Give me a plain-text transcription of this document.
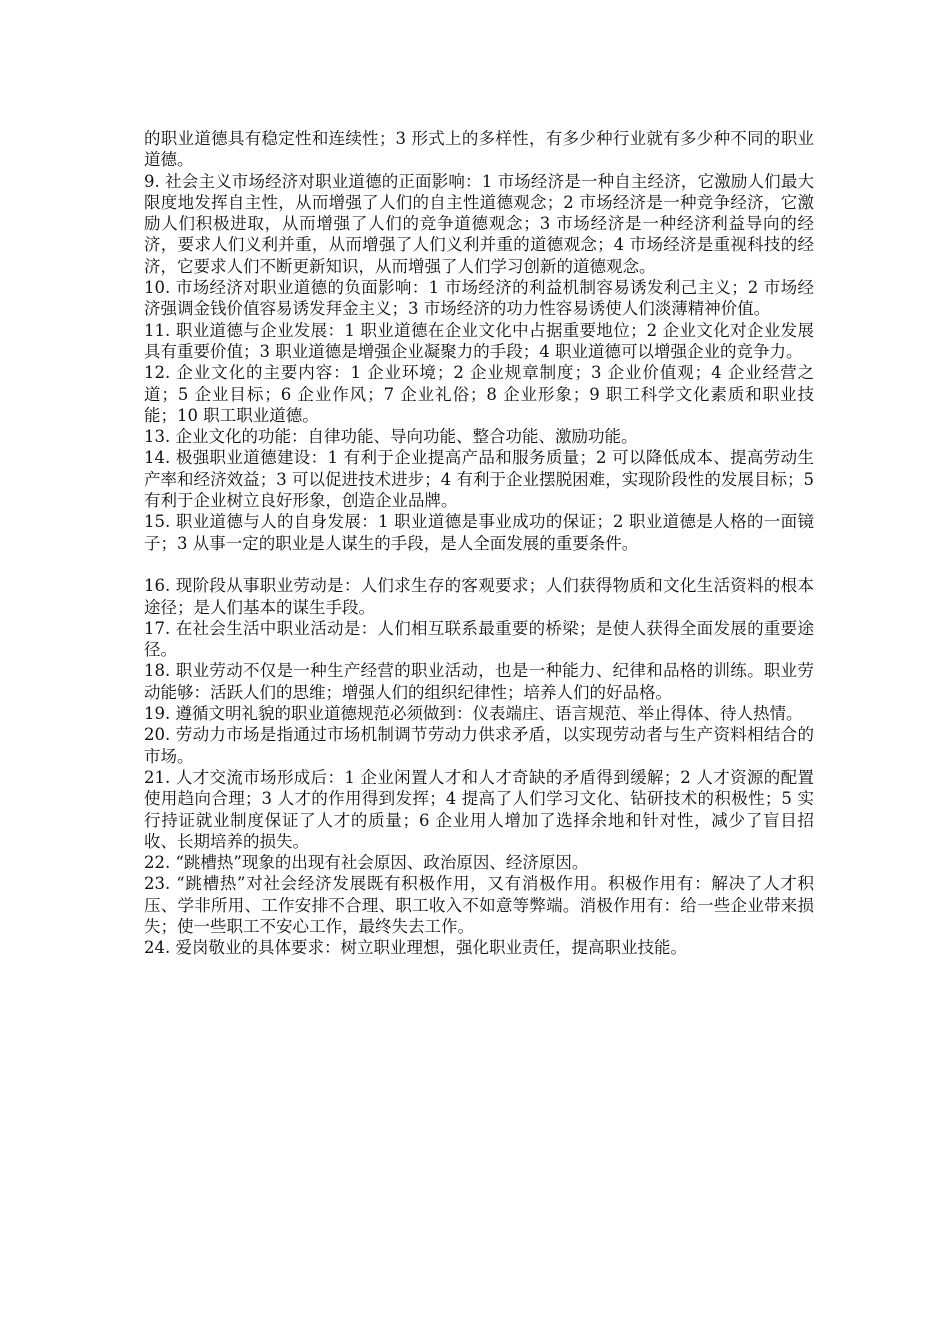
的职业道德具有稳定性和连续性；3 形式上的多样性，有多少种行业就有多少种不同的职业道德。

9. 社会主义市场经济对职业道德的正面影响：1 市场经济是一种自主经济，它激励人们最大限度地发挥自主性，从而增强了人们的自主性道德观念；2 市场经济是一种竞争经济，它激励人们积极进取，从而增强了人们的竞争道德观念；3 市场经济是一种经济利益导向的经济，要求人们义利并重，从而增强了人们义利并重的道德观念；4 市场经济是重视科技的经济，它要求人们不断更新知识，从而增强了人们学习创新的道德观念。

10. 市场经济对职业道德的负面影响：1 市场经济的利益机制容易诱发利己主义；2 市场经济强调金钱价值容易诱发拜金主义；3 市场经济的功力性容易诱使人们淡薄精神价值。

11. 职业道德与企业发展：1 职业道德在企业文化中占据重要地位；2 企业文化对企业发展具有重要价值；3 职业道德是增强企业凝聚力的手段；4 职业道德可以增强企业的竞争力。

12. 企业文化的主要内容：1 企业环境；2 企业规章制度；3 企业价值观；4 企业经营之道；5 企业目标；6 企业作风；7 企业礼俗；8 企业形象；9 职工科学文化素质和职业技能；10 职工职业道德。

13. 企业文化的功能：自律功能、导向功能、整合功能、激励功能。

14. 极强职业道德建设：1 有利于企业提高产品和服务质量；2 可以降低成本、提高劳动生产率和经济效益；3 可以促进技术进步；4 有利于企业摆脱困难，实现阶段性的发展目标；5 有利于企业树立良好形象，创造企业品牌。

15. 职业道德与人的自身发展：1 职业道德是事业成功的保证；2 职业道德是人格的一面镜子；3 从事一定的职业是人谋生的手段，是人全面发展的重要条件。

16. 现阶段从事职业劳动是：人们求生存的客观要求；人们获得物质和文化生活资料的根本途径；是人们基本的谋生手段。

17. 在社会生活中职业活动是：人们相互联系最重要的桥梁；是使人获得全面发展的重要途径。

18. 职业劳动不仅是一种生产经营的职业活动，也是一种能力、纪律和品格的训练。职业劳动能够：活跃人们的思维；增强人们的组织纪律性；培养人们的好品格。

19. 遵循文明礼貌的职业道德规范必须做到：仪表端庄、语言规范、举止得体、待人热情。

20. 劳动力市场是指通过市场机制调节劳动力供求矛盾，以实现劳动者与生产资料相结合的市场。

21. 人才交流市场形成后：1 企业闲置人才和人才奇缺的矛盾得到缓解；2 人才资源的配置使用趋向合理；3 人才的作用得到发挥；4 提高了人们学习文化、钻研技术的积极性；5 实行持证就业制度保证了人才的质量；6 企业用人增加了选择余地和针对性，减少了盲目招收、长期培养的损失。

22. “跳槽热”现象的出现有社会原因、政治原因、经济原因。

23. “跳槽热”对社会经济发展既有积极作用，又有消极作用。积极作用有：解决了人才积压、学非所用、工作安排不合理、职工收入不如意等弊端。消极作用有：给一些企业带来损失；使一些职工不安心工作，最终失去工作。

24. 爱岗敬业的具体要求：树立职业理想，强化职业责任，提高职业技能。
